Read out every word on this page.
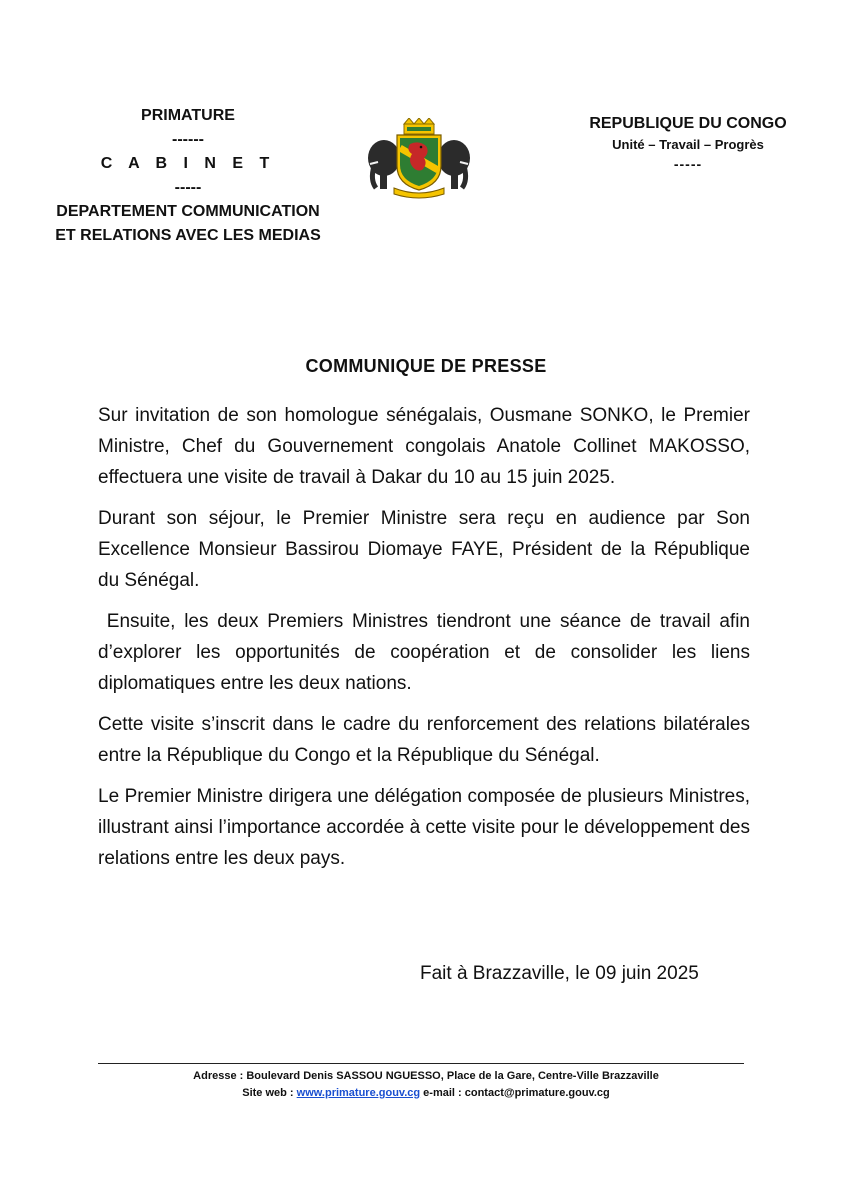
PRIMATURE
------
C A B I N E T
-----
DEPARTEMENT COMMUNICATION
ET RELATIONS AVEC LES MEDIAS
REPUBLIQUE DU CONGO
Unité – Travail – Progrès
-----
COMMUNIQUE DE PRESSE

Sur invitation de son homologue sénégalais, Ousmane SONKO, le Premier Ministre, Chef du Gouvernement congolais Anatole Collinet MAKOSSO, effectuera une visite de travail à Dakar du 10 au 15 juin 2025.

Durant son séjour, le Premier Ministre sera reçu en audience par Son Excellence Monsieur Bassirou Diomaye FAYE, Président de la République du Sénégal.

Ensuite, les deux Premiers Ministres tiendront une séance de travail afin d’explorer les opportunités de coopération et de consolider les liens diplomatiques entre les deux nations.

Cette visite s’inscrit dans le cadre du renforcement des relations bilatérales entre la République du Congo et la République du Sénégal.

Le Premier Ministre dirigera une délégation composée de plusieurs Ministres, illustrant ainsi l’importance accordée à cette visite pour le développement des relations entre les deux pays.

Fait à Brazzaville, le 09 juin 2025
Adresse : Boulevard Denis SASSOU NGUESSO, Place de la Gare, Centre-Ville Brazzaville
Site web : www.primature.gouv.cg e-mail : contact@primature.gouv.cg
